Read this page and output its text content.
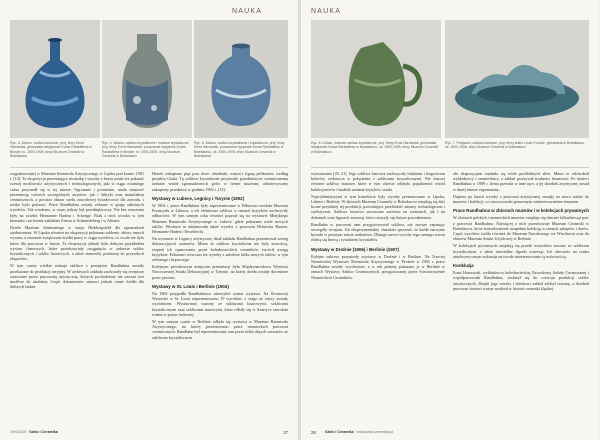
NAUKA
Ryc. 3. Wazon, szkliwo lustrowe, proj. firmy Ernst Harrawiak, gemarakta artyspecke Kunta Rarstaftess in Brosler, In. 1900-1905; dnny Muzeum Ceramiki w Bolesławcu
Ryc. 4. Wazon, szkliwo krystaliczne i matowe krystaliczne, proj. firmy Ernst Harrawiak, ponazamie nyspecke Kunta Rarstaftess in Brosler, In. 1900-1905; dnny Muzeum Ceramiki w Bolesławcu
Ryc. 5. Wazon, szkliwo krystaliczne i krystaliczne, proj. firmy Ernst Harrawiak, ponazamie nyspecke Kunta Rarstaftess in Bolesławcu, ok. 1900-1905; dnny Muzeum Ceramiki w Bolesławcu

zorganizowanej w Muzeum Szemiosła Artystycznego w Lipsku pod koniec 1901 r. [12]. Ta ekspozycja prezentująca ceramikę i wyroby z bruzu miała też pokazać rozwój możliwości artystycznych i technologicznych, jaki w ciągu ostatniego czasu przyszedł się w tej mierze. Ogromnie i promienie, miała stanowić prezentację czterech szczególnych artystów, jak i faktyki oraz manufaktur ceramicznych, a porusza obszar wielu zawodowej świadowości dla zawodu, i trzeba było pokazać. Prace Randhahna zostały zebrane w grupy należnych wyrobów. Tak wiadomo, w czym jedyny był przedsiębiorczy. Nie bez znaczenia były na uczelni Hermanne Hadera i Schonge. Brak z nich wzroku w tym kierunku i na terenie zakładzie Ernsta w Schmiedeberg i w Altonie.

Dzieła Muzeum Jaśnieranego w stroju Heddwigsfeld dla zgromadzeń zjednoczenia. W Lipsku również na ekspozycji pokazano szklenie, zbiory innych wystaw, a znacznie zwiększone środki pracy w ciągu wyrobów, co wcale nie było łatwe dla pracowni w firmie. Ta ekspozycja jednak była dobrym przykładem wystaw firmowych, które przedstawiały osiągnięcia w zakresie szkliw krystalicznych i szkliw lustrowych, a także stanowiły podstawę do przyszłych eksportów.

W tym czasie wielkie rodzaje szkliwa z przepisów Randhahna zostały przekazane do produkcji seryjnej. W archiwach zakładu zachowały się receptury stosowane przez pracownię artystyczną, których pochodzenie nie zawsze jest możliwe do ustalenia. Część dokumentów stanowi jednak cenne źródło dla dalszych badań.

Hurteł; zakupiono pięć prac dwie: obrabiaki, wazon i figurę pelikanów, według projektu Gaula. Tę szkliwo krystaliczne przyniosło przedmiotowi ceramicznemu uznanie wśród zgromadzonych gości w tymże muzeum, odnotowywany zakupiony przedmiot w grudniu 1902 r. [13].

Wystawy w Lubece, Legnicy i Turynie (1902)

W 1902 r. prace Randhahna były zaprezentowane w Północno-czeskim Muzeum Przemysłu w Libercu, a ich efektowne szkliwa w ramach krytyków zachwyciły odbiorców. W tym samym roku również pojawił się na wystawie Miejskiego Muzeum Rzemiosła Artystycznego w Lubece, gdzie pokazano wiele nowych szkliw. Wystawa ta obejmowała także wyroby z pracowni Heinricha Bauera, Hermanne Haderi i Nesebrecht.

Na wystawie w Legnicy artystyczny dział zakładu Randhahna prezentował szereg dekoracyjnych wazonów. Mimo że szkliwa krystaliczne nie były nowością, stopień ich opanowania przez bolesławieckich ceramików zwrócił uwagę krytyków. Pokazano wówczas też wyroby z zaledwie kilku nowych szkliw, w tym zielonego i brązowego.

Kolejnym prestiżowym miejscem prezentacji była Międzynarodowa Wystawa Nowoczesnej Sztuki Dekoracyjnej w Turynie, na której dzieła zostały docenione przez jurorów.

Wystawy w St. Louis i Berlinie (1904)

Na 1904 przypadła Randhahnowi niezwykle ważna wystawa. Na Światowej Wystawie w St. Louis zaprezentowano 19 wyrobów, z czego aż cztery zostały wyróżnione. Wystawiano wazony ze szkliwami lustrowymi, szkliwami krystalicznymi oraz szkliwami matowymi, które odbiły się w Ameryce szerokim echem w prasie fachowej.

W tym samym czasie w Berlinie odbyła się wystawa w Muzeum Rzemiosła Artystycznego, na której prezentowano prace niemieckich pracowni ceramicznych. Randhahn był reprezentowany tam przez kilka dużych wazonów ze szkliwem krystalicznym.

19/4/2015 · Szkło i Ceramika	27
NAUKA
Ryc. 6. Dzban, matowe szkliwo krystaliczne, proj. firmy Ernst Harrawiak, gemarakta artyspecke Kunta Rarstaftess in Bolesławcu, ok. 1900-1905; dnny Muzeum Ceramiki w Bolesławcu
Ryc. 7. Podpaszt, szkliwo lustrowe, proj. firmy artkur Lesin-Funcke, gemarakta w Bolesławcu, ok. 1900-1906; dnny Muzeum Ceramiki w Bolesławcu

wytwarzanie [20, 21]. Jego szkliwa lustrowe zachwycały blaskiem i bogactwem kolorów, zwłaszcza w połączeniu z szkliwami krystalicznymi. Nie inaczej również szkliwo matowe, które w tym okresie zdobyło popularność wśród kolekcjonerów i budziło uznanie krytyków sztuki.

Najwybitniejszymi w tym kontekście były wyroby prezentowane w Lipsku, Lubece i Berlinie. W zbiorach Muzeum Ceramiki w Bolesławcu znajdują się dziś liczne przykłady tej produkcji, pozwalające prześledzić zmiany technologiczne i stylistyczne. Szkliwa lustrowe stosowano zarówno na wazonach, jak i na dzbanach oraz figurach zwierząt, które cieszyły się dużym powodzeniem.

Randhahn w pracowni sam przygotowywał szkliwa, nie zawsze zapisując szczegóły receptur. Ich eksperymentalny charakter sprawiał, że każde naczynie bywało w pewnym sensie unikatowe. Dlatego nawet wyroby tego samego wzoru różnią się barwą i rysunkiem kryształów.

Wystawy w Dreźnie (1906) i Berlinie (1907)

Kolejne sukcesy przyniosły wystawy w Dreźnie i w Berlinie. Na Trzeciej Niemieckiej Wystawie Rzemiosła Artystycznego w Dreźnie w 1906 r. prace Randhahna zostały wyróżnione, a w rok później pokazano je w Berlinie w ramach Wystawy Szkliw Ceramicznych, przygotowanej przez Stowarzyszenie Niemieckich Ceramików.

ołu ekspozycjom znalazło się wiele pochlebnych słów. Mimo to odchodzili wykładowcy i rzemieślnicy, a zakład przeżywał trudności finansowe. Po śmierci Randhahna w 1909 r. firma przeszła w inne ręce, a jej dorobek artystyczny został w dużej mierze zapomniany.

Dopiero po latach wyroby z pracowni artystycznej zaczęły na nowo trafiać do muzeów i kolekcji, co zaowocowało ponownym zainteresowaniem tematem.

Prace Randhahna w zbiorach muzeów i w kolekcjach prywatnych

W zbiorach polskich i niemieckich muzeów znajduje się obecnie kilkadziesiąt prac z pracowni Randhahna. Najwięcej z nich przechowuje Muzeum Ceramiki w Bolesławcu, które konsekwentnie uzupełnia kolekcję w ramach zakupów i darów. Część wyrobów trafiła również do Muzeum Narodowego we Wrocławiu oraz do zbiorów Muzeum Sztuki Użytkowej w Berlinie.

W kolekcjach prywatnych znajdują się przede wszystkim wazony ze szkliwem krystalicznym, a także niewielkie figurki zwierząt. Ich obecność na rynku antykwarycznym wskazuje na trwałe zainteresowanie tą twórczością.

Konkluzja

Ernst Harrawiak, wykładowca bolesławieckiej Zawodowej Szkoły Ceramicznej i współpracownik Randhahna, zasłużył się do rozwoju produkcji szkliw artystycznych. Dzięki jego wiedzy i talentowi zakład zdobył renomę, a dorobek pracowni stanowi ważny rozdział w historii ceramiki śląskiej.

28	Szkło i Ceramika · www.szklo-ceramika.pl
